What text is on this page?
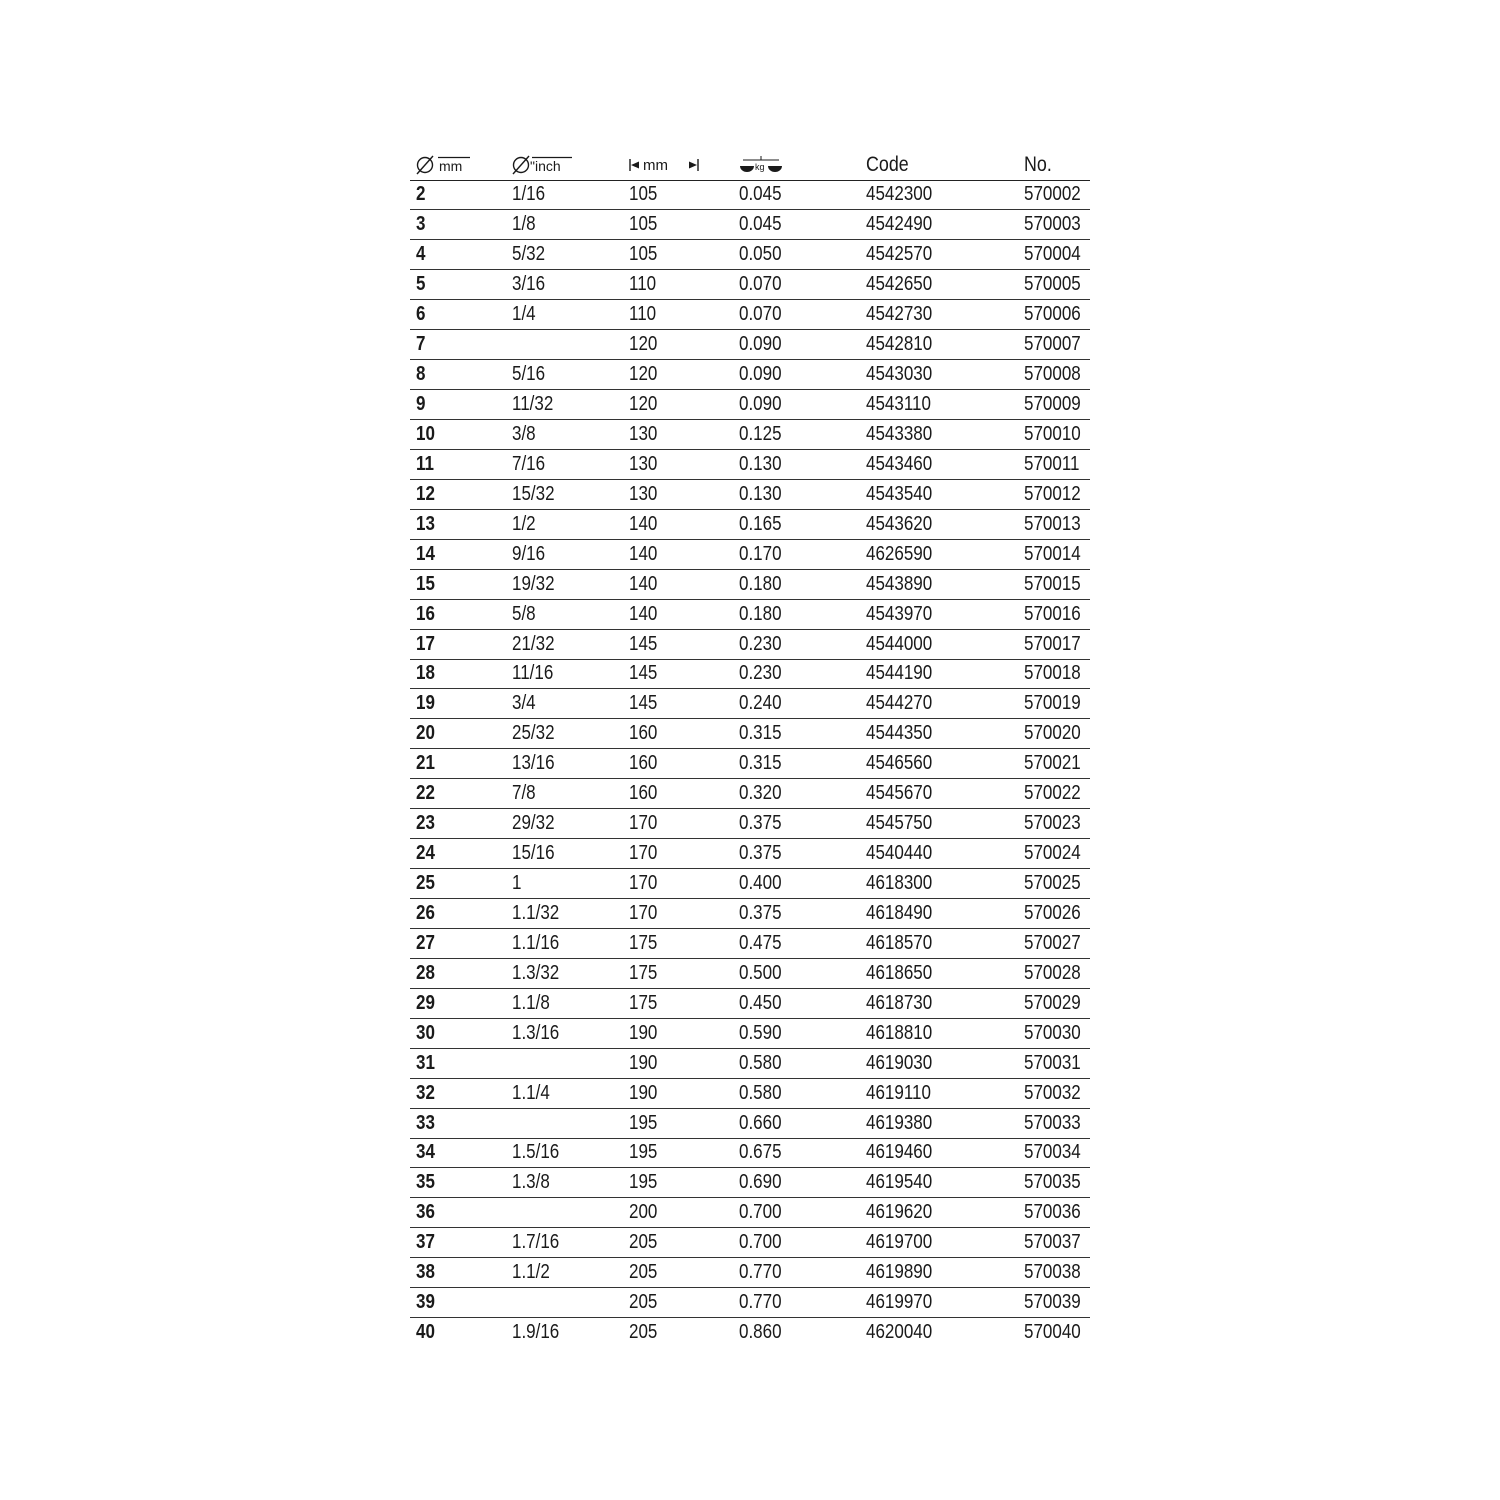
mm	"inch	mm	kg	Code	No.
2	1/16	105	0.045	4542300	570002
3	1/8	105	0.045	4542490	570003
4	5/32	105	0.050	4542570	570004
5	3/16	110	0.070	4542650	570005
6	1/4	110	0.070	4542730	570006
7		120	0.090	4542810	570007
8	5/16	120	0.090	4543030	570008
9	11/32	120	0.090	4543110	570009
10	3/8	130	0.125	4543380	570010
11	7/16	130	0.130	4543460	570011
12	15/32	130	0.130	4543540	570012
13	1/2	140	0.165	4543620	570013
14	9/16	140	0.170	4626590	570014
15	19/32	140	0.180	4543890	570015
16	5/8	140	0.180	4543970	570016
17	21/32	145	0.230	4544000	570017
18	11/16	145	0.230	4544190	570018
19	3/4	145	0.240	4544270	570019
20	25/32	160	0.315	4544350	570020
21	13/16	160	0.315	4546560	570021
22	7/8	160	0.320	4545670	570022
23	29/32	170	0.375	4545750	570023
24	15/16	170	0.375	4540440	570024
25	1	170	0.400	4618300	570025
26	1.1/32	170	0.375	4618490	570026
27	1.1/16	175	0.475	4618570	570027
28	1.3/32	175	0.500	4618650	570028
29	1.1/8	175	0.450	4618730	570029
30	1.3/16	190	0.590	4618810	570030
31		190	0.580	4619030	570031
32	1.1/4	190	0.580	4619110	570032
33		195	0.660	4619380	570033
34	1.5/16	195	0.675	4619460	570034
35	1.3/8	195	0.690	4619540	570035
36		200	0.700	4619620	570036
37	1.7/16	205	0.700	4619700	570037
38	1.1/2	205	0.770	4619890	570038
39		205	0.770	4619970	570039
40	1.9/16	205	0.860	4620040	570040
